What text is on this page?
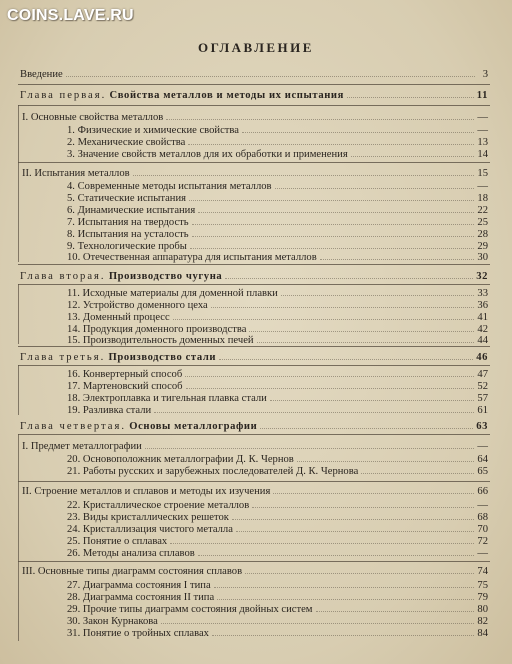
COINS.LAVE.RU
ОГЛАВЛЕНИЕ
Введение	3
Глава первая. Свойства металлов и методы их испытания	11
I. Основные свойства металлов	—
1. Физические и химические свойства	—
2. Механические свойства	13
3. Значение свойств металлов для их обработки и применения	14
II. Испытания металлов	15
4. Современные методы испытания металлов	—
5. Статические испытания	18
6. Динамические испытания	22
7. Испытания на твердость	25
8. Испытания на усталость	28
9. Технологические пробы	29
10. Отечественная аппаратура для испытания металлов	30
Глава вторая. Производство чугуна	32
11. Исходные материалы для доменной плавки	33
12. Устройство доменного цеха	36
13. Доменный процесс	41
14. Продукция доменного производства	42
15. Производительность доменных печей	44
Глава третья. Производство стали	46
16. Конвертерный способ	47
17. Мартеновский способ	52
18. Электроплавка и тигельная плавка стали	57
19. Разливка стали	61
Глава четвертая. Основы металлографии	63
I. Предмет металлографии	—
20. Основоположник металлографии Д. К. Чернов	64
21. Работы русских и зарубежных последователей Д. К. Чернова	65
II. Строение металлов и сплавов и методы их изучения	66
22. Кристаллическое строение металлов	—
23. Виды кристаллических решеток	68
24. Кристаллизация чистого металла	70
25. Понятие о сплавах	72
26. Методы анализа сплавов	—
III. Основные типы диаграмм состояния сплавов	74
27. Диаграмма состояния I типа	75
28. Диаграмма состояния II типа	79
29. Прочие типы диаграмм состояния двойных систем	80
30. Закон Курнакова	82
31. Понятие о тройных сплавах	84
